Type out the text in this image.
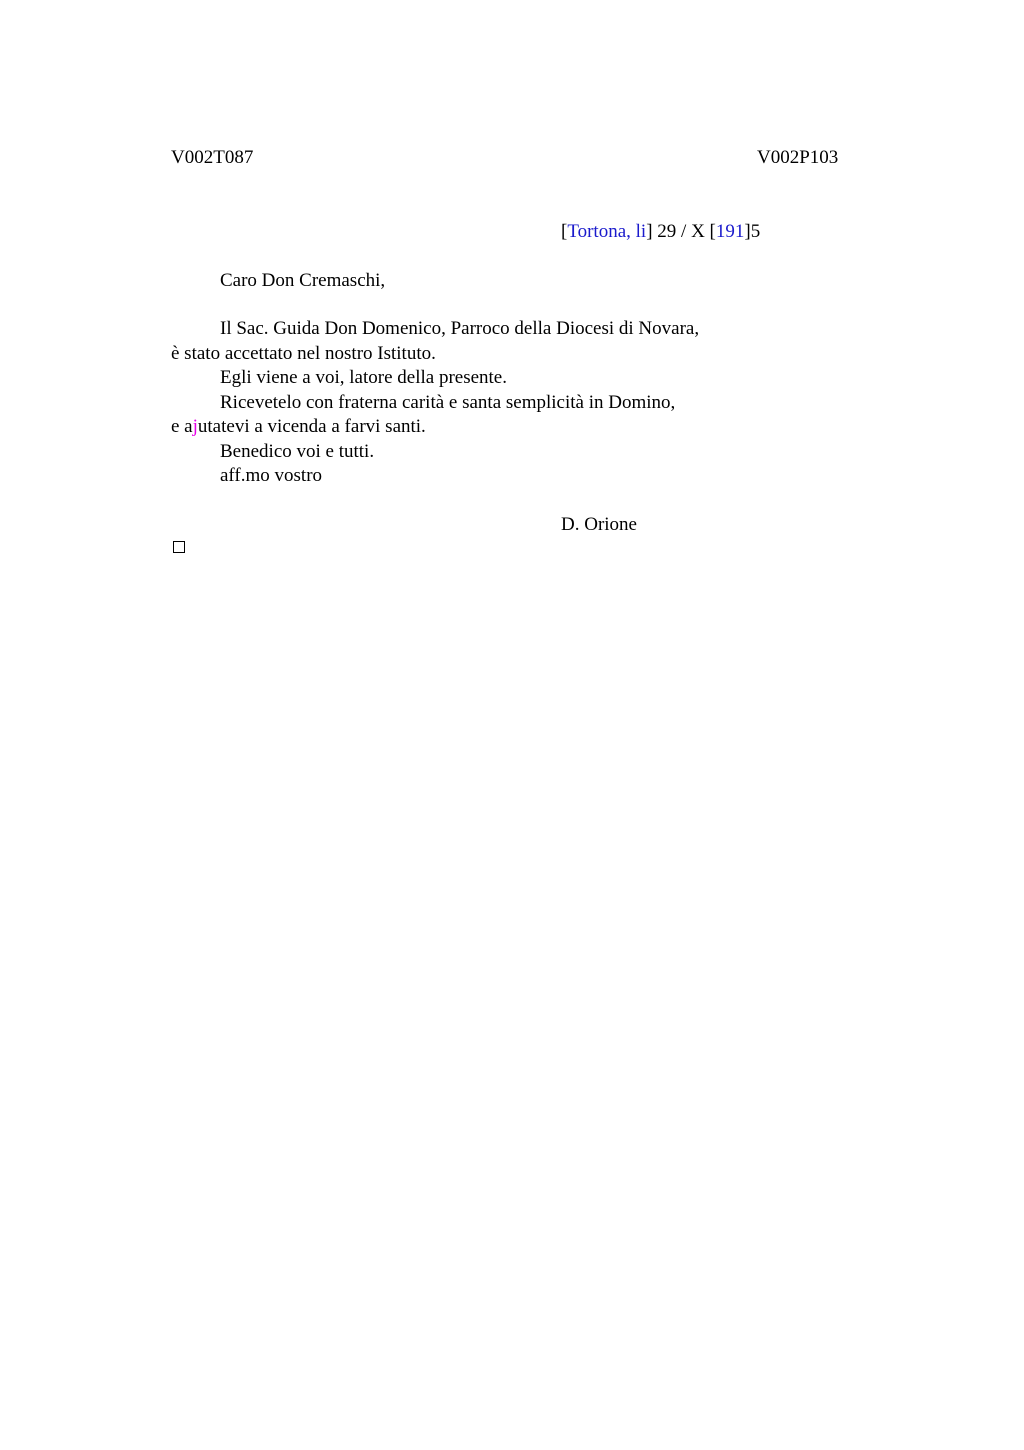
V002T087	V002P103
[Tortona, li] 29 / X [191]5
Caro Don Cremaschi,
Il Sac. Guida Don Domenico, Parroco della Diocesi di Novara,
è stato accettato nel nostro Istituto.
Egli viene a voi, latore della presente.
Ricevetelo con fraterna carità e santa semplicità in Domino,
e ajutatevi a vicenda a farvi santi.
Benedico voi e tutti.
aff.mo vostro
D. Orione
